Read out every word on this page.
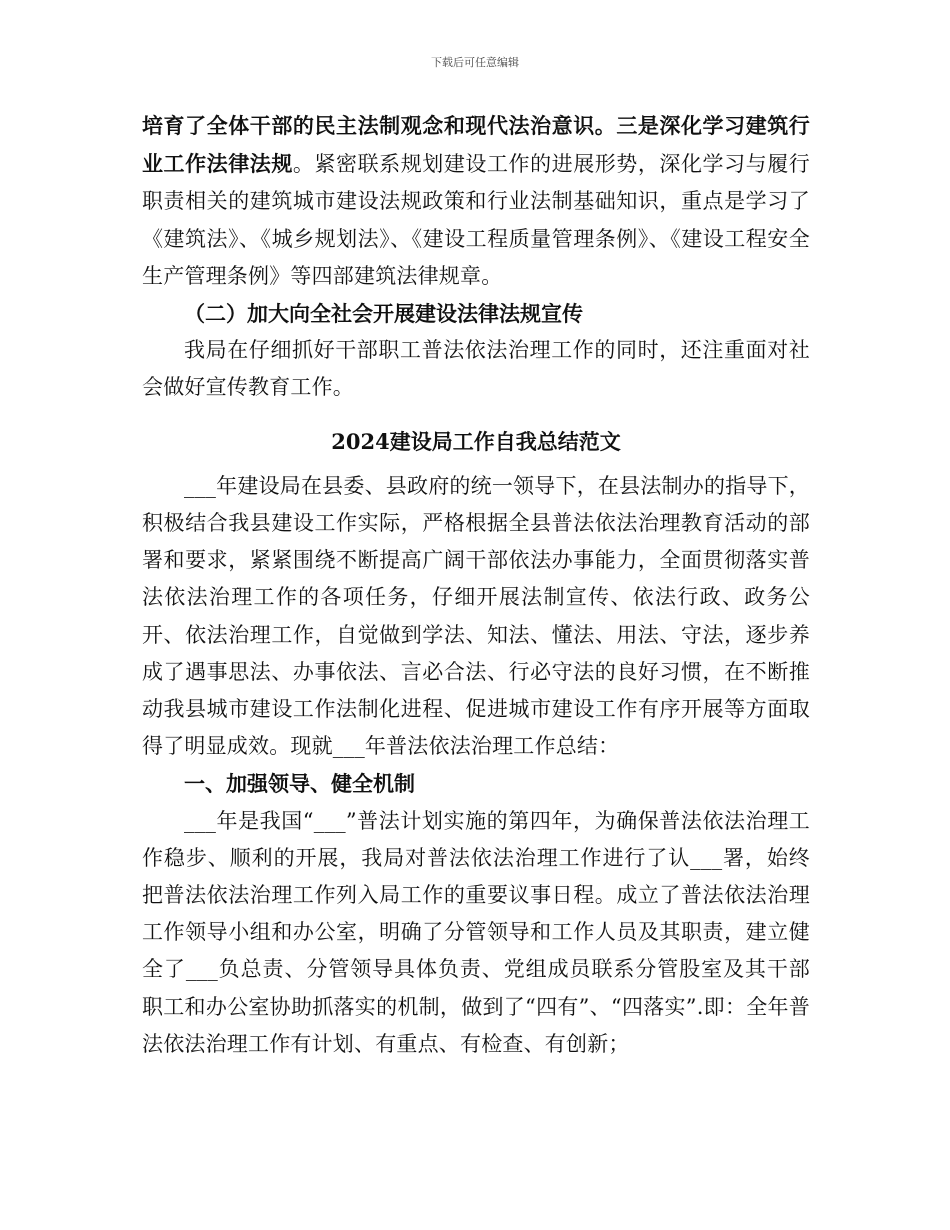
下载后可任意编辑

培育了全体干部的民主法制观念和现代法治意识。三是深化学习建筑行业工作法律法规。紧密联系规划建设工作的进展形势，深化学习与履行职责相关的建筑城市建设法规政策和行业法制基础知识，重点是学习了《建筑法》、《城乡规划法》、《建设工程质量管理条例》、《建设工程安全生产管理条例》等四部建筑法律规章。

（二）加大向全社会开展建设法律法规宣传

我局在仔细抓好干部职工普法依法治理工作的同时，还注重面对社会做好宣传教育工作。

2024建设局工作自我总结范文

___年建设局在县委、县政府的统一领导下，在县法制办的指导下，积极结合我县建设工作实际，严格根据全县普法依法治理教育活动的部署和要求，紧紧围绕不断提高广阔干部依法办事能力，全面贯彻落实普法依法治理工作的各项任务，仔细开展法制宣传、依法行政、政务公开、依法治理工作，自觉做到学法、知法、懂法、用法、守法，逐步养成了遇事思法、办事依法、言必合法、行必守法的良好习惯，在不断推动我县城市建设工作法制化进程、促进城市建设工作有序开展等方面取得了明显成效。现就___年普法依法治理工作总结：

一、加强领导、健全机制

___年是我国“___”普法计划实施的第四年，为确保普法依法治理工作稳步、顺利的开展，我局对普法依法治理工作进行了认___署，始终把普法依法治理工作列入局工作的重要议事日程。成立了普法依法治理工作领导小组和办公室，明确了分管领导和工作人员及其职责，建立健全了___负总责、分管领导具体负责、党组成员联系分管股室及其干部职工和办公室协助抓落实的机制，做到了“四有”、“四落实”.即：全年普法依法治理工作有计划、有重点、有检查、有创新；
